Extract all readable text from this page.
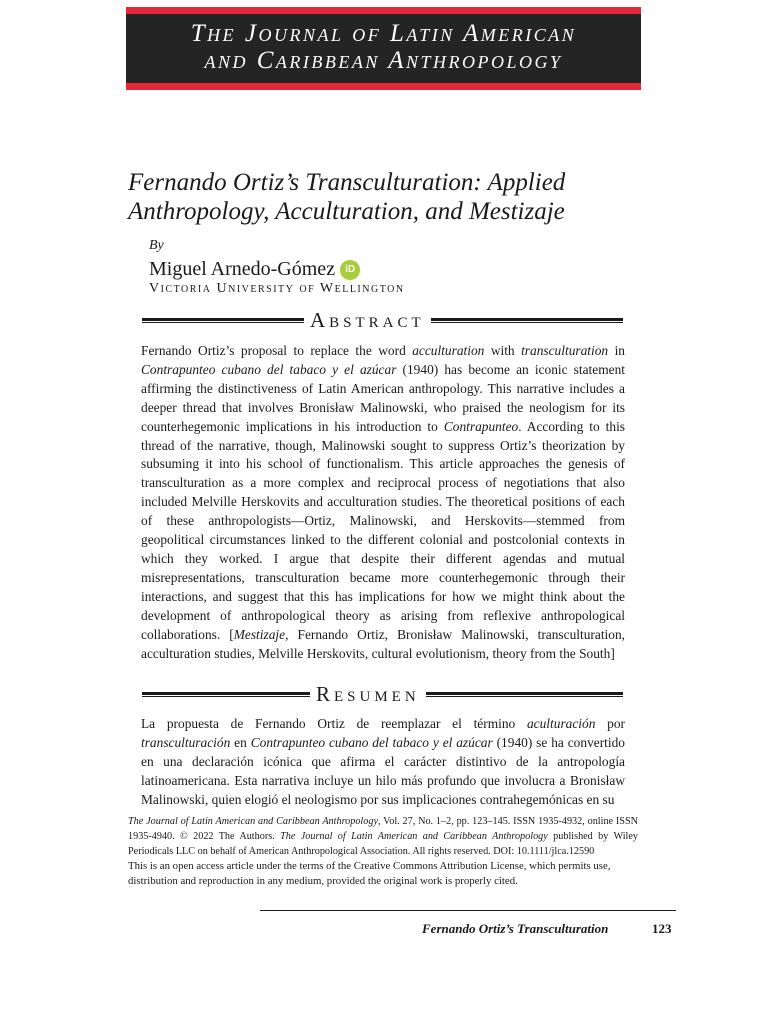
The Journal of Latin American
and Caribbean Anthropology
Fernando Ortiz’s Transculturation: Applied Anthropology, Acculturation, and Mestizaje
By
Miguel Arnedo-Gómez	iD
Victoria University of Wellington
Abstract

Fernando Ortiz’s proposal to replace the word acculturation with transculturation in Contrapunteo cubano del tabaco y el azúcar (1940) has become an iconic statement affirming the distinctiveness of Latin American anthropology. This narrative includes a deeper thread that involves Bronisław Malinowski, who praised the neologism for its counterhegemonic implications in his introduction to Contrapunteo. According to this thread of the narrative, though, Malinowski sought to suppress Ortiz’s theorization by subsuming it into his school of functionalism. This article approaches the genesis of transculturation as a more complex and reciprocal process of negotiations that also included Melville Herskovits and acculturation studies. The theoretical positions of each of these anthropologists—Ortiz, Malinowski, and Herskovits—stemmed from geopolitical circumstances linked to the different colonial and postcolonial contexts in which they worked. I argue that despite their different agendas and mutual misrepresentations, transculturation became more counterhegemonic through their interactions, and suggest that this has implications for how we might think about the development of anthropological theory as arising from reflexive anthropological collaborations. [Mestizaje, Fernando Ortiz, Bronisław Malinowski, transculturation, acculturation studies, Melville Herskovits, cultural evolutionism, theory from the South]

Resumen

La propuesta de Fernando Ortiz de reemplazar el término aculturación por transculturación en Contrapunteo cubano del tabaco y el azúcar (1940) se ha convertido en una declaración icónica que afirma el carácter distintivo de la antropología latinoamericana. Esta narrativa incluye un hilo más profundo que involucra a Bronisław Malinowski, quien elogió el neologismo por sus implicaciones contrahegemónicas en su

The Journal of Latin American and Caribbean Anthropology, Vol. 27, No. 1–2, pp. 123–145. ISSN 1935-4932, online ISSN 1935-4940. © 2022 The Authors. The Journal of Latin American and Caribbean Anthropology published by Wiley Periodicals LLC on behalf of American Anthropological Association. All rights reserved. DOI: 10.1111/jlca.12590

This is an open access article under the terms of the Creative Commons Attribution License, which permits use, distribution and reproduction in any medium, provided the original work is properly cited.

Fernando Ortiz’s Transculturation	123
